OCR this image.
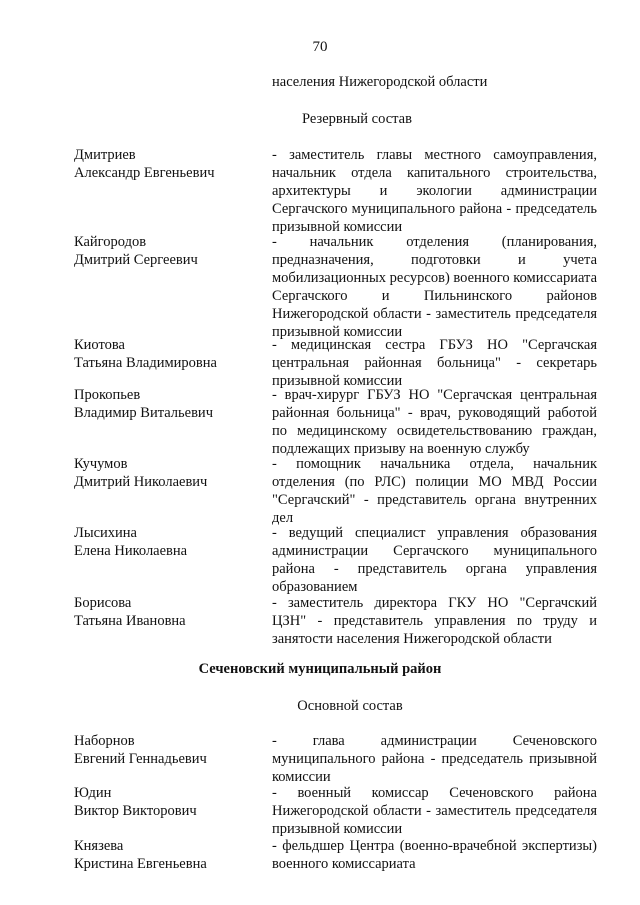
70
населения Нижегородской области
Резервный состав
Дмитриев
Александр Евгеньевич
- заместитель главы местного самоуправления, начальник отдела капитального строительства, архитектуры и экологии администрации Сергачского муниципального района - председатель призывной комиссии
Кайгородов
Дмитрий Сергеевич
- начальник отделения (планирования, предназначения, подготовки и учета мобилизационных ресурсов) военного комиссариата Сергачского и Пильнинского районов Нижегородской области - заместитель председателя призывной комиссии
Киотова
Татьяна Владимировна
- медицинская сестра ГБУЗ НО "Сергачская центральная районная больница" - секретарь призывной комиссии
Прокопьев
Владимир Витальевич
- врач-хирург ГБУЗ НО "Сергачская центральная районная больница" - врач, руководящий работой по медицинскому освидетельствованию граждан, подлежащих призыву на военную службу
Кучумов
Дмитрий Николаевич
- помощник начальника отдела, начальник отделения (по РЛС) полиции МО МВД России "Сергачский" - представитель органа внутренних дел
Лысихина
Елена Николаевна
- ведущий специалист управления образования администрации Сергачского муниципального района - представитель органа управления образованием
Борисова
Татьяна Ивановна
- заместитель директора ГКУ НО "Сергачский ЦЗН" - представитель управления по труду и занятости населения Нижегородской области
Сеченовский муниципальный район
Основной состав
Наборнов
Евгений Геннадьевич
- глава администрации Сеченовского муниципального района - председатель призывной комиссии
Юдин
Виктор Викторович
- военный комиссар Сеченовского района Нижегородской области - заместитель председателя призывной комиссии
Князева
Кристина Евгеньевна
- фельдшер Центра (военно-врачебной экспертизы) военного комиссариата
